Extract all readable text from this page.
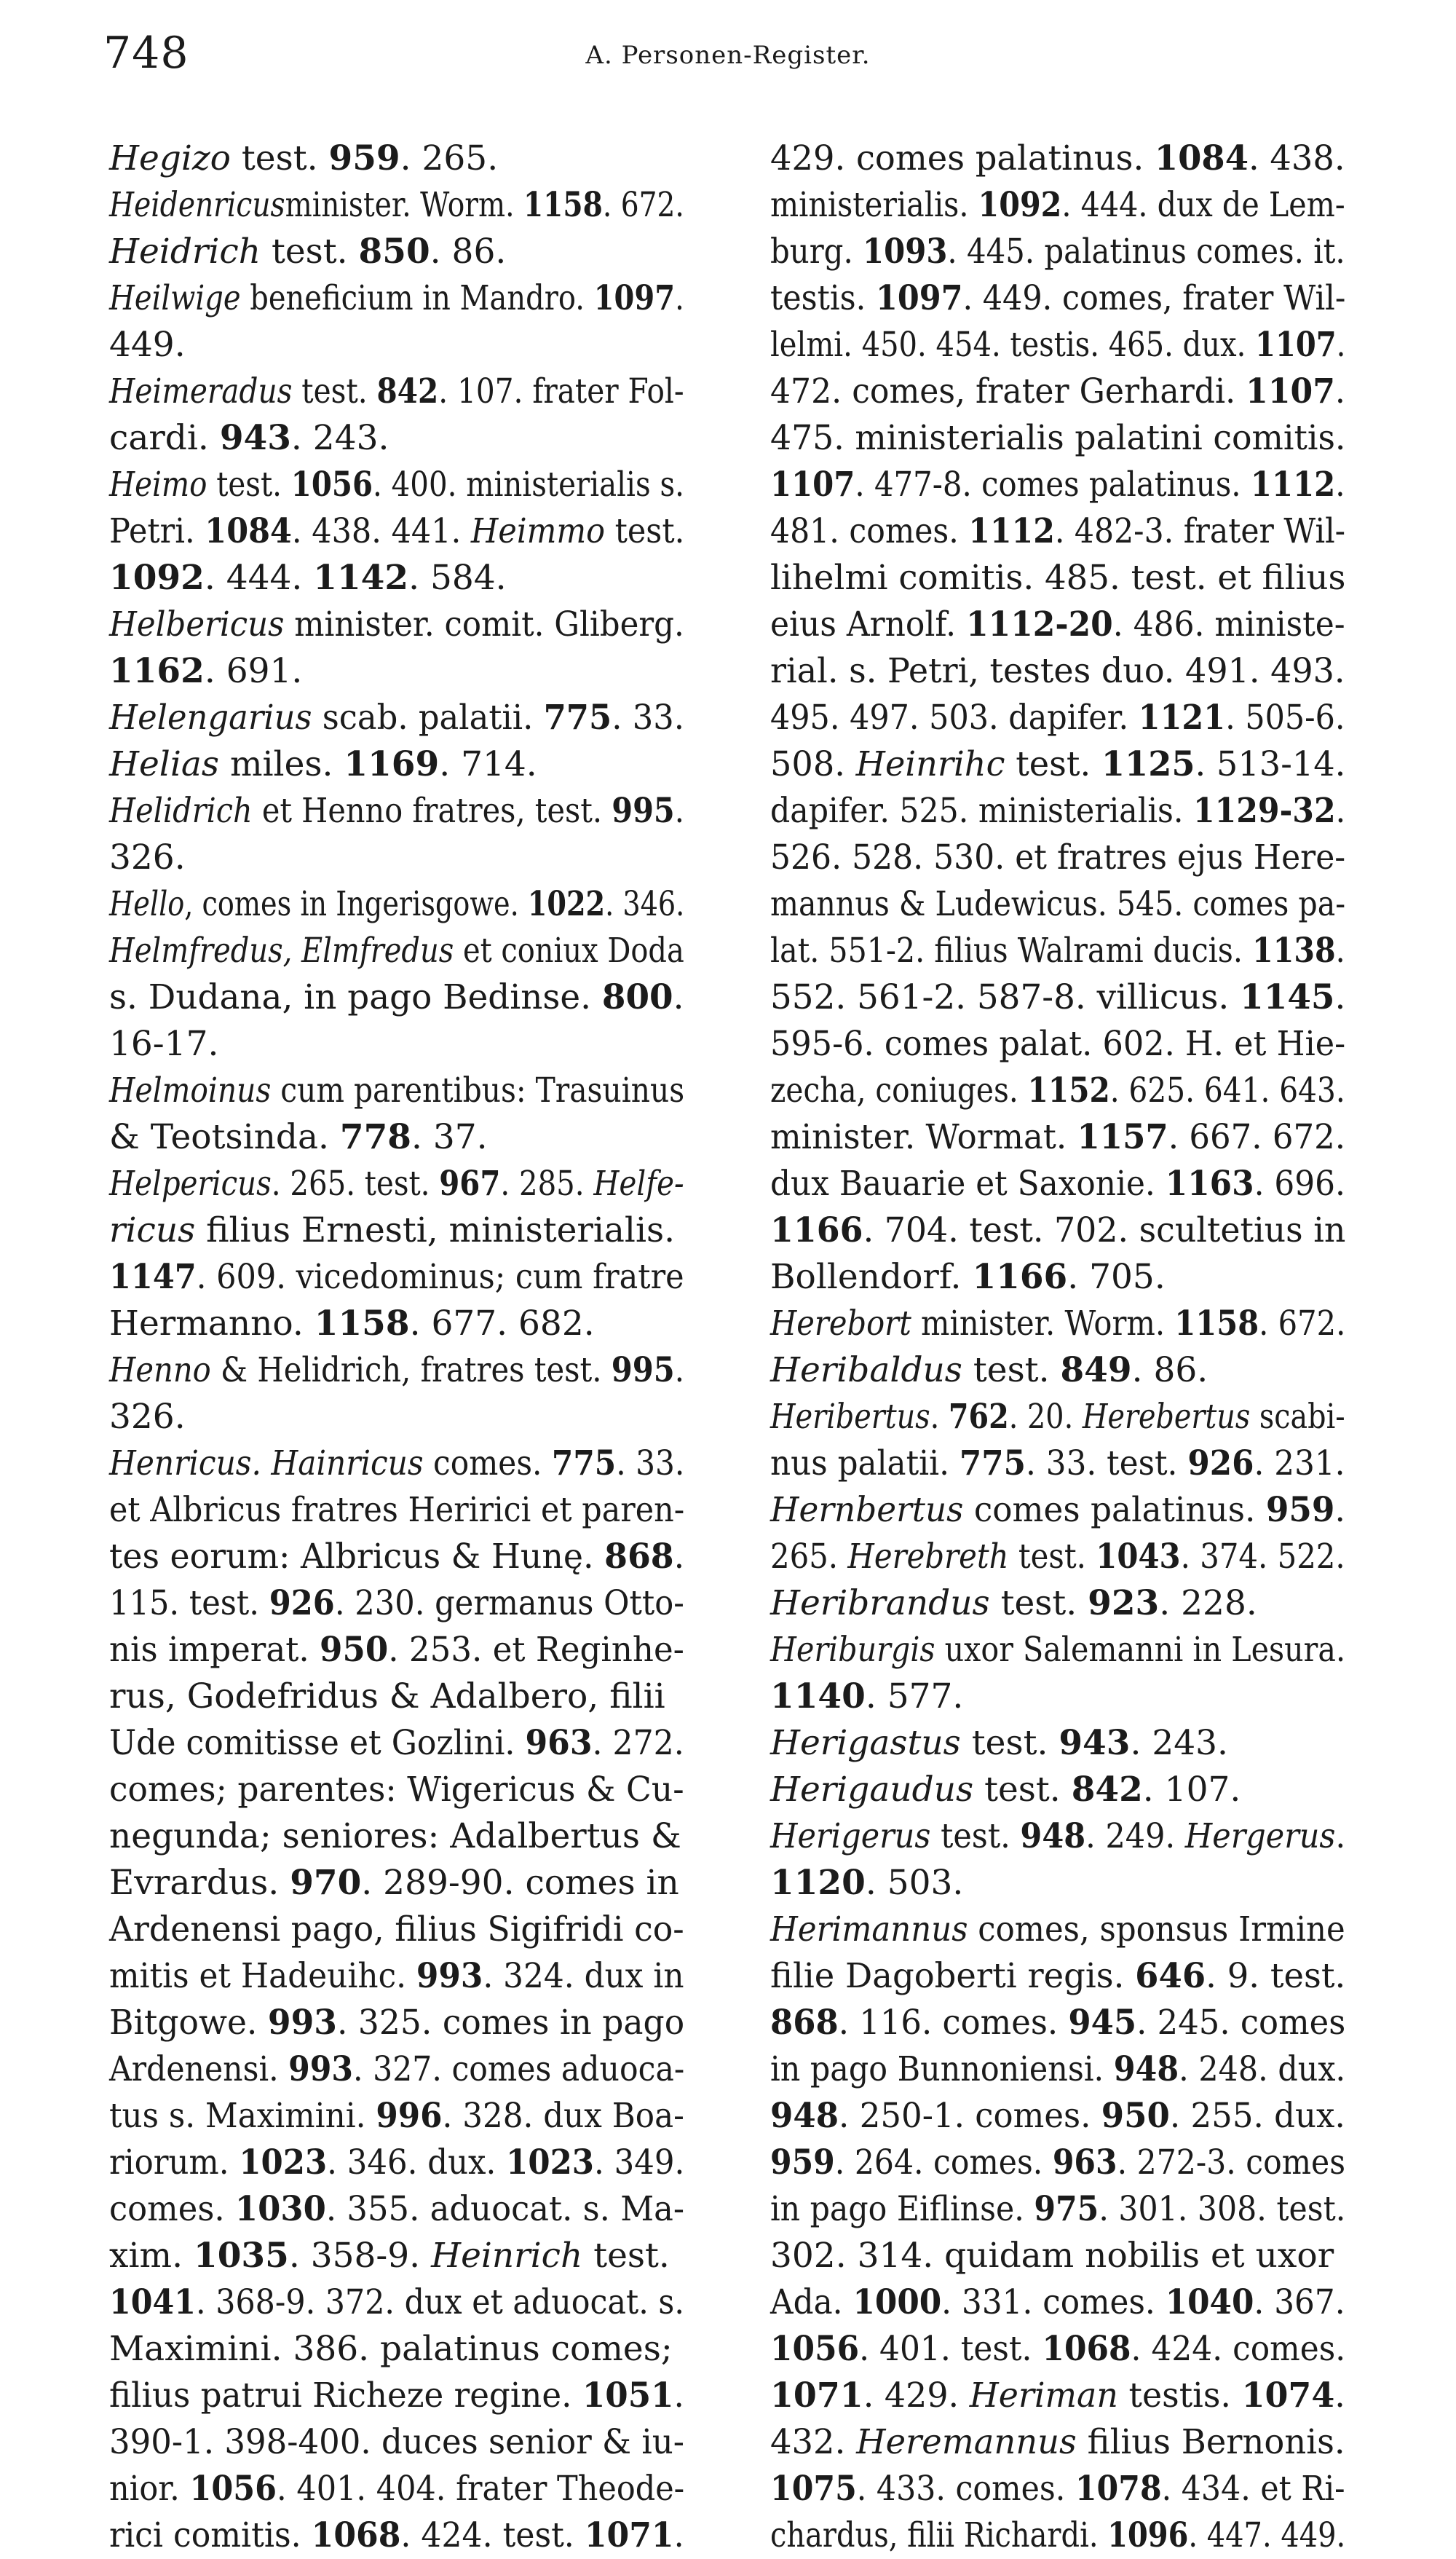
748	A. Personen-Register.
Hegizo test. 959. 265.
Heidenricusminister. Worm. 1158. 672.
Heidrich test. 850. 86.
Heilwige beneficium in Mandro. 1097.
449.
Heimeradus test. 842. 107. frater Fol-
cardi. 943. 243.
Heimo test. 1056. 400. ministerialis s.
Petri. 1084. 438. 441. Heimmo test.
1092. 444. 1142. 584.
Helbericus minister. comit. Gliberg.
1162. 691.
Helengarius scab. palatii. 775. 33.
Helias miles. 1169. 714.
Helidrich et Henno fratres, test. 995.
326.
Hello, comes in Ingerisgowe. 1022. 346.
Helmfredus, Elmfredus et coniux Doda
s. Dudana, in pago Bedinse. 800.
16-17.
Helmoinus cum parentibus: Trasuinus
& Teotsinda. 778. 37.
Helpericus. 265. test. 967. 285. Helfe-
ricus filius Ernesti, ministerialis.
1147. 609. vicedominus; cum fratre
Hermanno. 1158. 677. 682.
Henno & Helidrich, fratres test. 995.
326.
Henricus. Hainricus comes. 775. 33.
et Albricus fratres Heririci et paren-
tes eorum: Albricus & Hunę. 868.
115. test. 926. 230. germanus Otto-
nis imperat. 950. 253. et Reginhe-
rus, Godefridus & Adalbero, filii
Ude comitisse et Gozlini. 963. 272.
comes; parentes: Wigericus & Cu-
negunda; seniores: Adalbertus &
Evrardus. 970. 289-90. comes in
Ardenensi pago, filius Sigifridi co-
mitis et Hadeuihc. 993. 324. dux in
Bitgowe. 993. 325. comes in pago
Ardenensi. 993. 327. comes aduoca-
tus s. Maximini. 996. 328. dux Boa-
riorum. 1023. 346. dux. 1023. 349.
comes. 1030. 355. aduocat. s. Ma-
xim. 1035. 358-9. Heinrich test.
1041. 368-9. 372. dux et aduocat. s.
Maximini. 386. palatinus comes;
filius patrui Richeze regine. 1051.
390-1. 398-400. duces senior & iu-
nior. 1056. 401. 404. frater Theode-
rici comitis. 1068. 424. test. 1071.
429. comes palatinus. 1084. 438.
ministerialis. 1092. 444. dux de Lem-
burg. 1093. 445. palatinus comes. it.
testis. 1097. 449. comes, frater Wil-
lelmi. 450. 454. testis. 465. dux. 1107.
472. comes, frater Gerhardi. 1107.
475. ministerialis palatini comitis.
1107. 477-8. comes palatinus. 1112.
481. comes. 1112. 482-3. frater Wil-
lihelmi comitis. 485. test. et filius
eius Arnolf. 1112-20. 486. ministe-
rial. s. Petri, testes duo. 491. 493.
495. 497. 503. dapifer. 1121. 505-6.
508. Heinrihc test. 1125. 513-14.
dapifer. 525. ministerialis. 1129-32.
526. 528. 530. et fratres ejus Here-
mannus & Ludewicus. 545. comes pa-
lat. 551-2. filius Walrami ducis. 1138.
552. 561-2. 587-8. villicus. 1145.
595-6. comes palat. 602. H. et Hie-
zecha, coniuges. 1152. 625. 641. 643.
minister. Wormat. 1157. 667. 672.
dux Bauarie et Saxonie. 1163. 696.
1166. 704. test. 702. scultetius in
Bollendorf. 1166. 705.
Herebort minister. Worm. 1158. 672.
Heribaldus test. 849. 86.
Heribertus. 762. 20. Herebertus scabi-
nus palatii. 775. 33. test. 926. 231.
Hernbertus comes palatinus. 959.
265. Herebreth test. 1043. 374. 522.
Heribrandus test. 923. 228.
Heriburgis uxor Salemanni in Lesura.
1140. 577.
Herigastus test. 943. 243.
Herigaudus test. 842. 107.
Herigerus test. 948. 249. Hergerus.
1120. 503.
Herimannus comes, sponsus Irmine
filie Dagoberti regis. 646. 9. test.
868. 116. comes. 945. 245. comes
in pago Bunnoniensi. 948. 248. dux.
948. 250-1. comes. 950. 255. dux.
959. 264. comes. 963. 272-3. comes
in pago Eiflinse. 975. 301. 308. test.
302. 314. quidam nobilis et uxor
Ada. 1000. 331. comes. 1040. 367.
1056. 401. test. 1068. 424. comes.
1071. 429. Heriman testis. 1074.
432. Heremannus filius Bernonis.
1075. 433. comes. 1078. 434. et Ri-
chardus, filii Richardi. 1096. 447. 449.
